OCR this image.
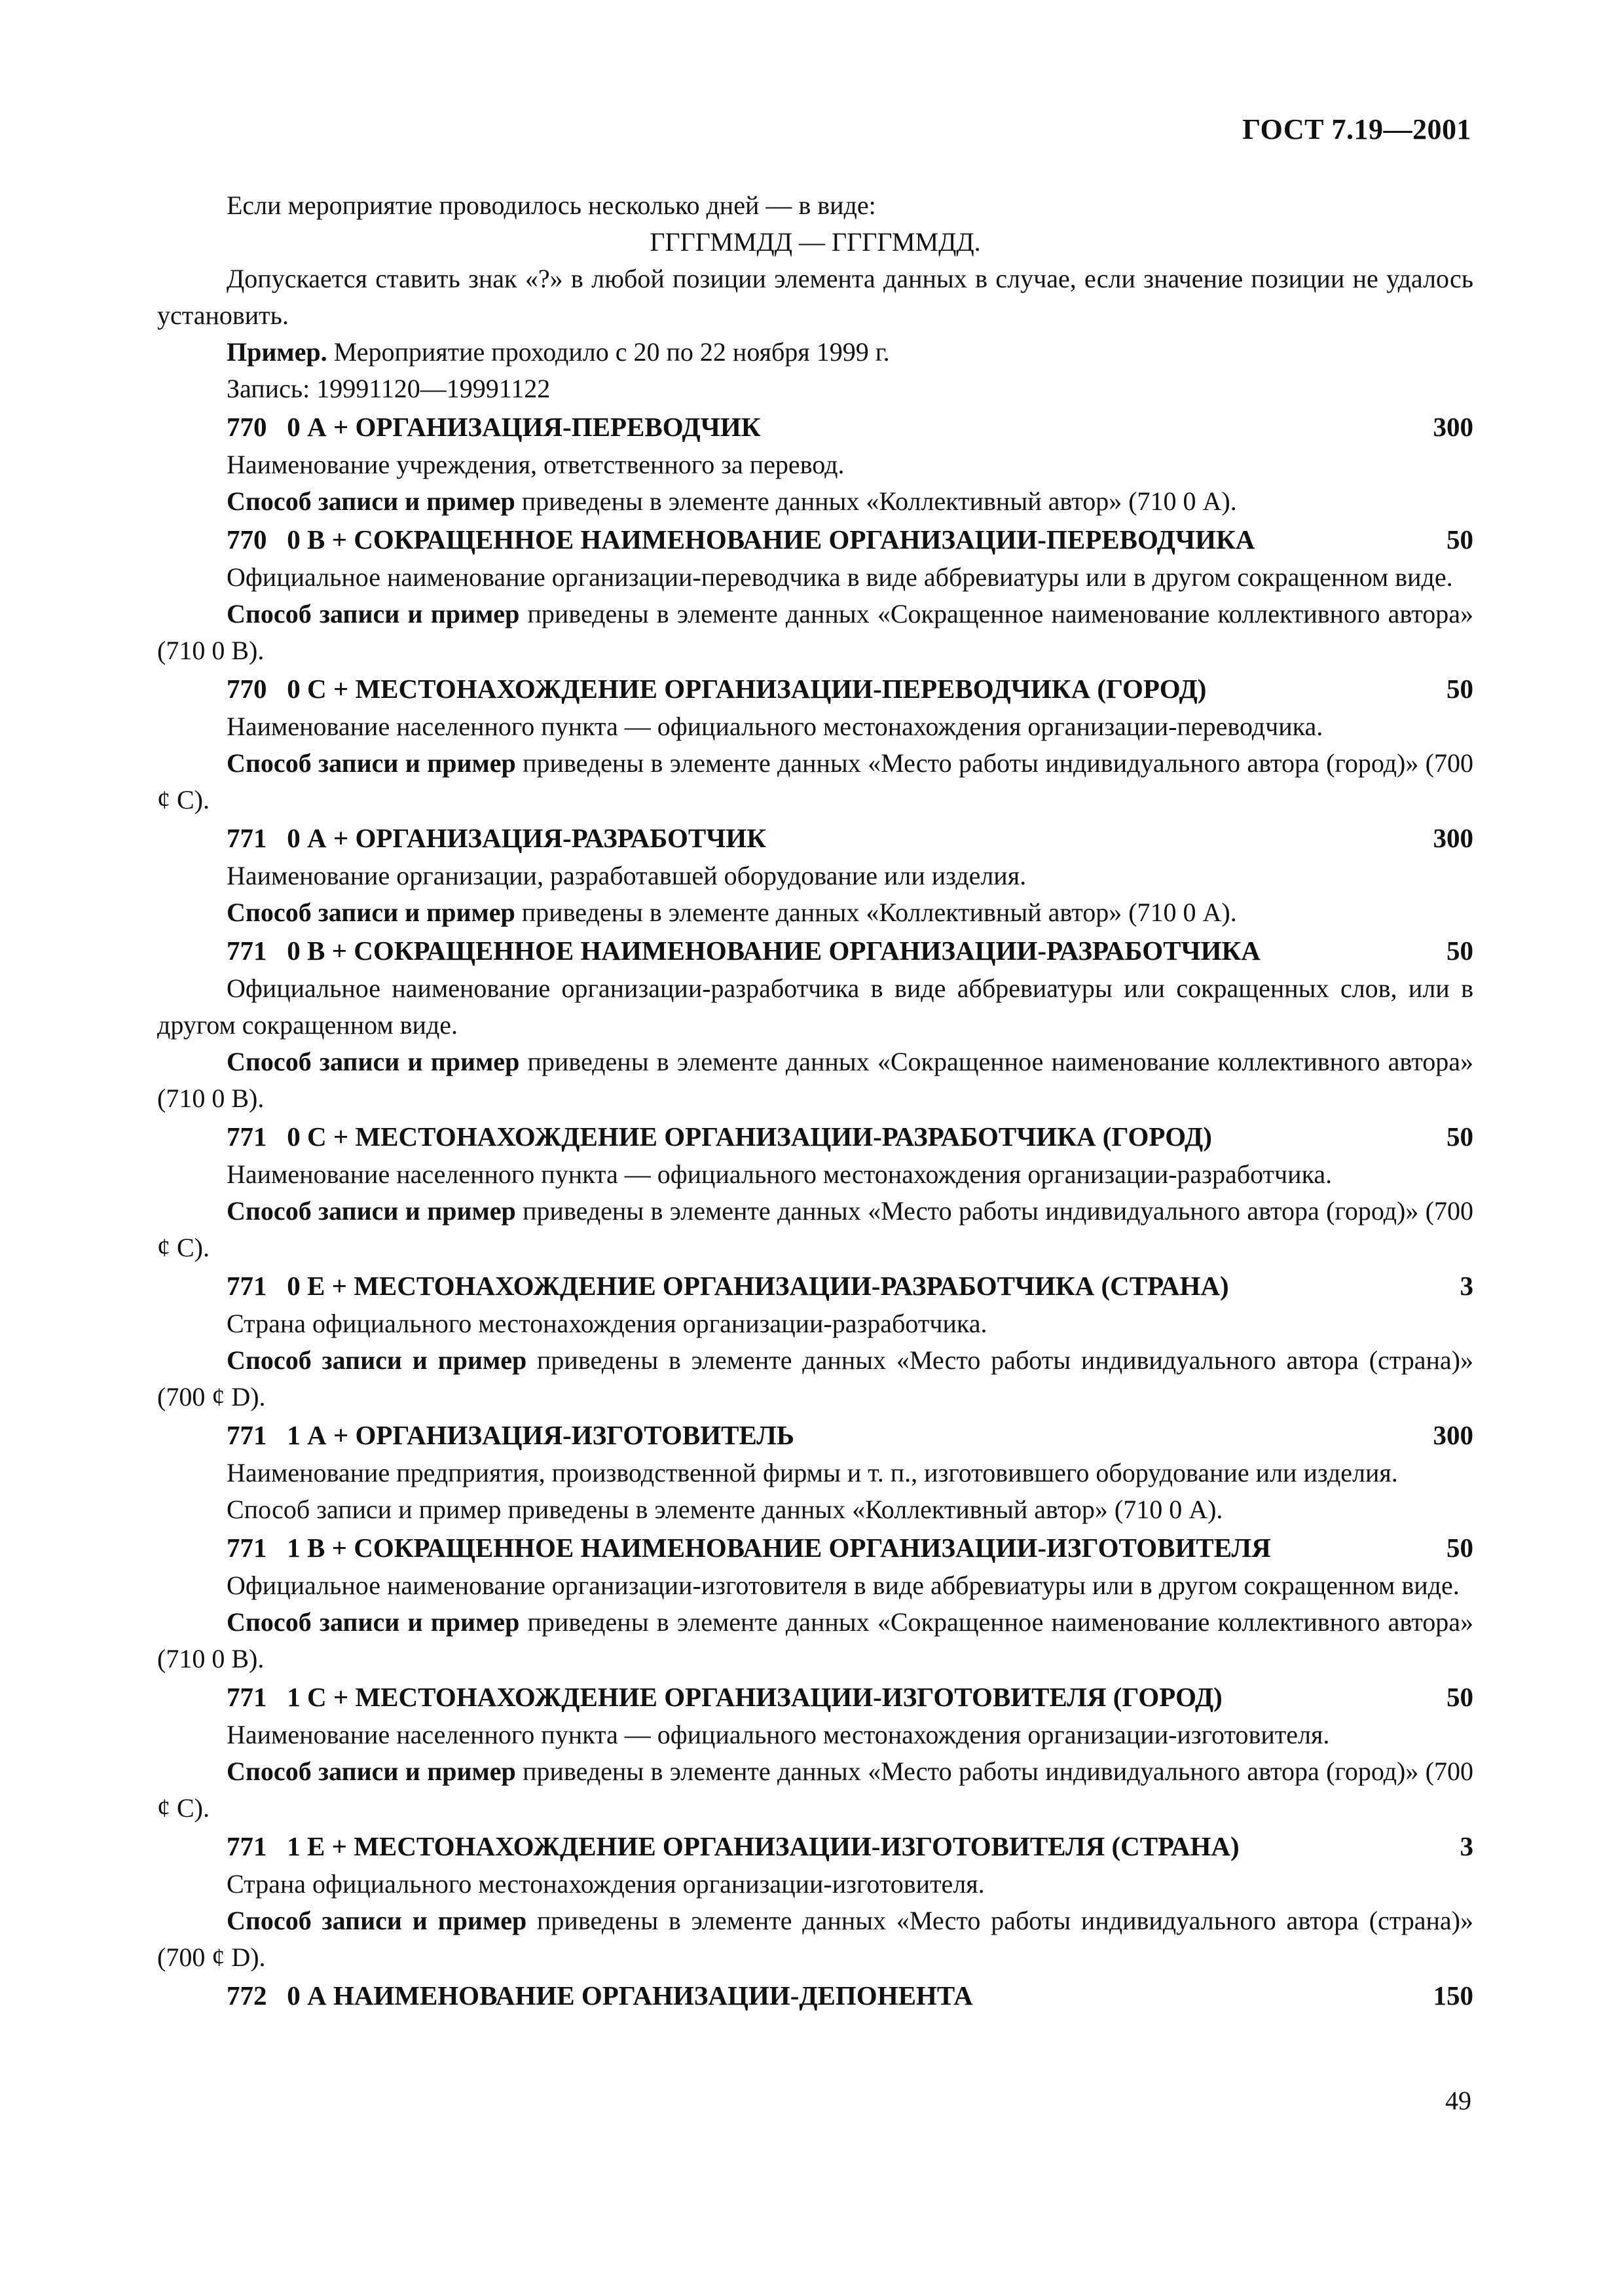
ГОСТ 7.19—2001

Если мероприятие проводилось несколько дней — в виде:

ГГГГММДД — ГГГГММДД.

Допускается ставить знак «?» в любой позиции элемента данных в случае, если значение позиции не удалось установить.

Пример. Мероприятие проходило с 20 по 22 ноября 1999 г.

Запись: 19991120—19991122

770   0 А + ОРГАНИЗАЦИЯ-ПЕРЕВОДЧИК	300

Наименование учреждения, ответственного за перевод.

Способ записи и пример приведены в элементе данных «Коллективный автор» (710 0 А).

770   0 В + СОКРАЩЕННОЕ НАИМЕНОВАНИЕ ОРГАНИЗАЦИИ-ПЕРЕВОДЧИКА	50

Официальное наименование организации-переводчика в виде аббревиатуры или в другом сокращенном виде.

Способ записи и пример приведены в элементе данных «Сокращенное наименование коллективного автора» (710 0 В).

770   0 С + МЕСТОНАХОЖДЕНИЕ ОРГАНИЗАЦИИ-ПЕРЕВОДЧИКА (ГОРОД)	50

Наименование населенного пункта — официального местонахождения организации-переводчика.

Способ записи и пример приведены в элементе данных «Место работы индивидуального автора (город)» (700 ¢ С).

771   0 А + ОРГАНИЗАЦИЯ-РАЗРАБОТЧИК	300

Наименование организации, разработавшей оборудование или изделия.

Способ записи и пример приведены в элементе данных «Коллективный автор» (710 0 А).

771   0 В + СОКРАЩЕННОЕ НАИМЕНОВАНИЕ ОРГАНИЗАЦИИ-РАЗРАБОТЧИКА	50

Официальное наименование организации-разработчика в виде аббревиатуры или сокращенных слов, или в другом сокращенном виде.

Способ записи и пример приведены в элементе данных «Сокращенное наименование коллективного автора» (710 0 В).

771   0 С + МЕСТОНАХОЖДЕНИЕ ОРГАНИЗАЦИИ-РАЗРАБОТЧИКА (ГОРОД)	50

Наименование населенного пункта — официального местонахождения организации-разработчика.

Способ записи и пример приведены в элементе данных «Место работы индивидуального автора (город)» (700 ¢ С).

771   0 Е + МЕСТОНАХОЖДЕНИЕ ОРГАНИЗАЦИИ-РАЗРАБОТЧИКА (СТРАНА)	3

Страна официального местонахождения организации-разработчика.

Способ записи и пример приведены в элементе данных «Место работы индивидуального автора (страна)» (700 ¢ D).

771   1 А + ОРГАНИЗАЦИЯ-ИЗГОТОВИТЕЛЬ	300

Наименование предприятия, производственной фирмы и т. п., изготовившего оборудование или изделия.

Способ записи и пример приведены в элементе данных «Коллективный автор» (710 0 А).

771   1 В + СОКРАЩЕННОЕ НАИМЕНОВАНИЕ ОРГАНИЗАЦИИ-ИЗГОТОВИТЕЛЯ	50

Официальное наименование организации-изготовителя в виде аббревиатуры или в другом сокращенном виде.

Способ записи и пример приведены в элементе данных «Сокращенное наименование коллективного автора» (710 0 В).

771   1 С + МЕСТОНАХОЖДЕНИЕ ОРГАНИЗАЦИИ-ИЗГОТОВИТЕЛЯ (ГОРОД)	50

Наименование населенного пункта — официального местонахождения организации-изготовителя.

Способ записи и пример приведены в элементе данных «Место работы индивидуального автора (город)» (700 ¢ С).

771   1 Е + МЕСТОНАХОЖДЕНИЕ ОРГАНИЗАЦИИ-ИЗГОТОВИТЕЛЯ (СТРАНА)	3

Страна официального местонахождения организации-изготовителя.

Способ записи и пример приведены в элементе данных «Место работы индивидуального автора (страна)» (700 ¢ D).

772   0 А НАИМЕНОВАНИЕ ОРГАНИЗАЦИИ-ДЕПОНЕНТА	150
49
